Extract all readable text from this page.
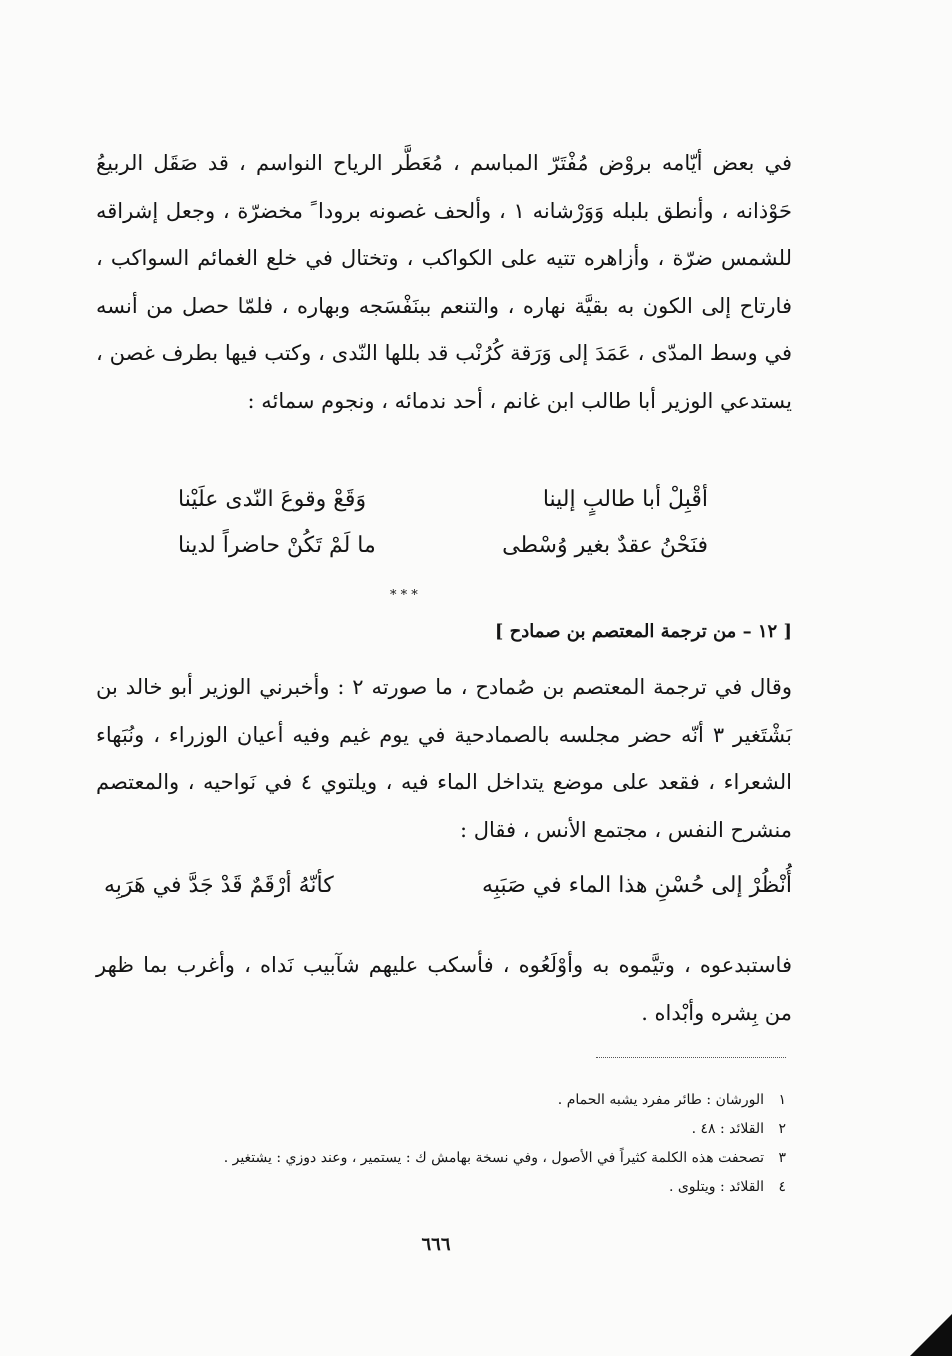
في بعض أيّامه بروْض مُفْتَرّ المباسم ، مُعَطَّر الرياح النواسم ، قد صَقَل الربيعُ حَوْذانه ، وأنطق بلبله وَوَرْشانه ١ ، وألحف غصونه برودا ً مخضرّة ، وجعل إشراقه للشمس ضرّة ، وأزاهره تتيه على الكواكب ، وتختال في خلع الغمائم السواكب ، فارتاح إلى الكون به بقيَّة نهاره ، والتنعم ببنَفْسَجه وبهاره ، فلمّا حصل من أنسه في وسط المدّى ، عَمَدَ إلى وَرَقة كُرُنْب قد بللها النّدى ، وكتب فيها بطرف غصن ، يستدعي الوزير أبا طالب ابن غانم ، أحد ندمائه ، ونجوم سمائه :
أقْبِلْ أبا طالبٍ إلينا
وَقَعْ وقوعَ النّدى علَيْنا
فنَحْنُ عقدٌ بغير وُسْطى
ما لَمْ تَكُنْ حاضراً لدينا
* * *
[ ١٢ – من ترجمة المعتصم بن صمادح ]
وقال في ترجمة المعتصم بن صُمادح ، ما صورته ٢ : وأخبرني الوزير أبو خالد بن بَشْتَغير ٣ أنّه حضر مجلسه بالصمادحية في يوم غيم وفيه أعيان الوزراء ، ونُبَهاء الشعراء ، فقعد على موضع يتداخل الماء فيه ، ويلتوي ٤ في نَواحيه ، والمعتصم منشرح النفس ، مجتمع الأنس ، فقال :
أُنْظُرْ إلى حُسْنِ هذا الماء في صَبَبِه
كأنّهُ أرْقَمٌ قَدْ جَدَّ في هَرَبِه
فاستبدعوه ، وتيَّموه به وأوْلَعُوه ، فأسكب عليهم شآبيب نَداه ، وأغرب بما ظهر من بِشره وأبْداه .
١الورشان : طائر مفرد يشبه الحمام .
٢القلائد : ٤٨ .
٣تصحفت هذه الكلمة كثيراً في الأصول ، وفي نسخة بهامش ك : يستمير ، وعند دوزي : يشتغير .
٤القلائد : ويتلوى .
٦٦٦
